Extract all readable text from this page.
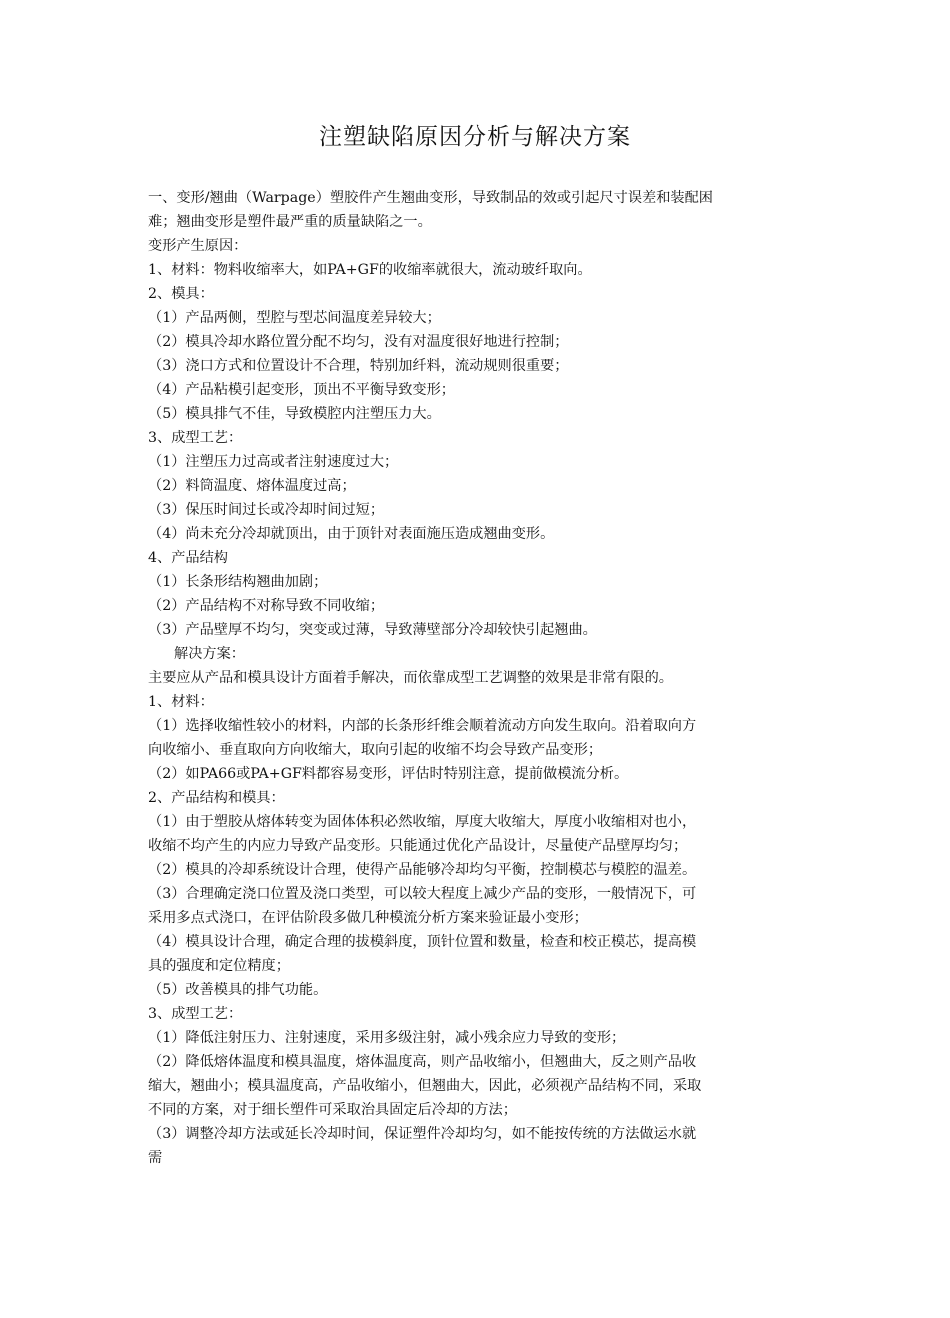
注塑缺陷原因分析与解决方案
一、变形/翘曲（Warpage）塑胶件产生翘曲变形，导致制品的效或引起尺寸误差和装配困
难；翘曲变形是塑件最严重的质量缺陷之一。
变形产生原因：
1、材料：物料收缩率大，如PA+GF的收缩率就很大，流动玻纤取向。
2、模具：
（1）产品两侧，型腔与型芯间温度差异较大；
（2）模具冷却水路位置分配不均匀，没有对温度很好地进行控制；
（3）浇口方式和位置设计不合理，特别加纤料，流动规则很重要；
（4）产品粘模引起变形，顶出不平衡导致变形；
（5）模具排气不佳，导致模腔内注塑压力大。
3、成型工艺：
（1）注塑压力过高或者注射速度过大；
（2）料筒温度、熔体温度过高；
（3）保压时间过长或冷却时间过短；
（4）尚未充分冷却就顶出，由于顶针对表面施压造成翘曲变形。
4、产品结构
（1）长条形结构翘曲加剧；
（2）产品结构不对称导致不同收缩；
（3）产品壁厚不均匀，突变或过薄，导致薄壁部分冷却较快引起翘曲。
解决方案：
主要应从产品和模具设计方面着手解决，而依靠成型工艺调整的效果是非常有限的。
1、材料：
（1）选择收缩性较小的材料，内部的长条形纤维会顺着流动方向发生取向。沿着取向方
向收缩小、垂直取向方向收缩大，取向引起的收缩不均会导致产品变形；
（2）如PA66或PA+GF料都容易变形，评估时特别注意，提前做模流分析。
2、产品结构和模具：
（1）由于塑胶从熔体转变为固体体积必然收缩，厚度大收缩大，厚度小收缩相对也小，
收缩不均产生的内应力导致产品变形。只能通过优化产品设计，尽量使产品壁厚均匀；
（2）模具的冷却系统设计合理，使得产品能够冷却均匀平衡，控制模芯与模腔的温差。
（3）合理确定浇口位置及浇口类型，可以较大程度上减少产品的变形，一般情况下，可
采用多点式浇口，在评估阶段多做几种模流分析方案来验证最小变形；
（4）模具设计合理，确定合理的拔模斜度，顶针位置和数量，检查和校正模芯，提高模
具的强度和定位精度；
（5）改善模具的排气功能。
3、成型工艺：
（1）降低注射压力、注射速度，采用多级注射，减小残余应力导致的变形；
（2）降低熔体温度和模具温度，熔体温度高，则产品收缩小，但翘曲大，反之则产品收
缩大，翘曲小；模具温度高，产品收缩小，但翘曲大，因此，必须视产品结构不同，采取
不同的方案，对于细长塑件可采取治具固定后冷却的方法；
（3）调整冷却方法或延长冷却时间，保证塑件冷却均匀，如不能按传统的方法做运水就
需
